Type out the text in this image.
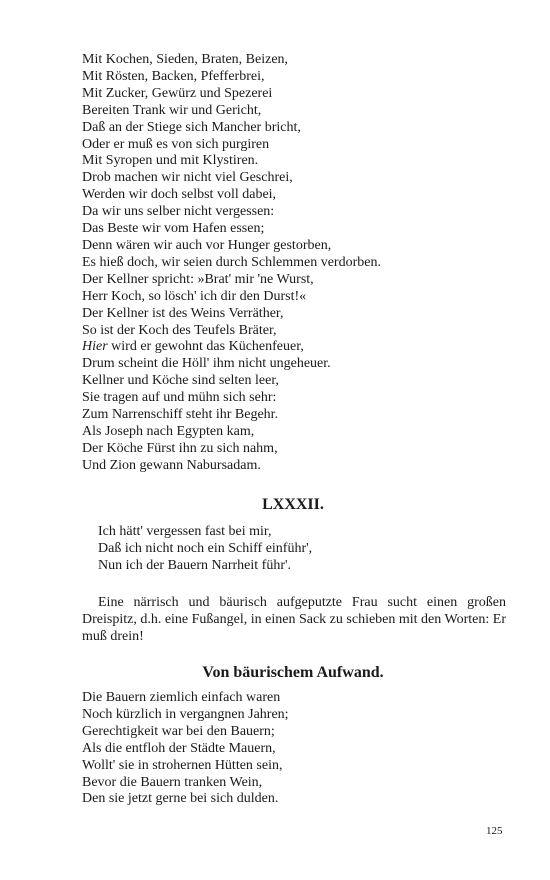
Mit Kochen, Sieden, Braten, Beizen,
Mit Rösten, Backen, Pfefferbrei,
Mit Zucker, Gewürz und Spezerei
Bereiten Trank wir und Gericht,
Daß an der Stiege sich Mancher bricht,
Oder er muß es von sich purgiren
Mit Syropen und mit Klystiren.
Drob machen wir nicht viel Geschrei,
Werden wir doch selbst voll dabei,
Da wir uns selber nicht vergessen:
Das Beste wir vom Hafen essen;
Denn wären wir auch vor Hunger gestorben,
Es hieß doch, wir seien durch Schlemmen verdorben.
Der Kellner spricht: »Brat' mir 'ne Wurst,
Herr Koch, so lösch' ich dir den Durst!«
Der Kellner ist des Weins Verräther,
So ist der Koch des Teufels Bräter,
Hier wird er gewohnt das Küchenfeuer,
Drum scheint die Höll' ihm nicht ungeheuer.
Kellner und Köche sind selten leer,
Sie tragen auf und mühn sich sehr:
Zum Narrenschiff steht ihr Begehr.
Als Joseph nach Egypten kam,
Der Köche Fürst ihn zu sich nahm,
Und Zion gewann Nabursadam.
LXXXII.
Ich hätt' vergessen fast bei mir,
Daß ich nicht noch ein Schiff einführ',
Nun ich der Bauern Narrheit führ'.

Eine närrisch und bäurisch aufgeputzte Frau sucht einen großen Dreispitz, d.h. eine Fußangel, in einen Sack zu schieben mit den Worten: Er muß drein!

Von bäurischem Aufwand.
Die Bauern ziemlich einfach waren
Noch kürzlich in vergangnen Jahren;
Gerechtigkeit war bei den Bauern;
Als die entfloh der Städte Mauern,
Wollt' sie in strohernen Hütten sein,
Bevor die Bauern tranken Wein,
Den sie jetzt gerne bei sich dulden.
125
